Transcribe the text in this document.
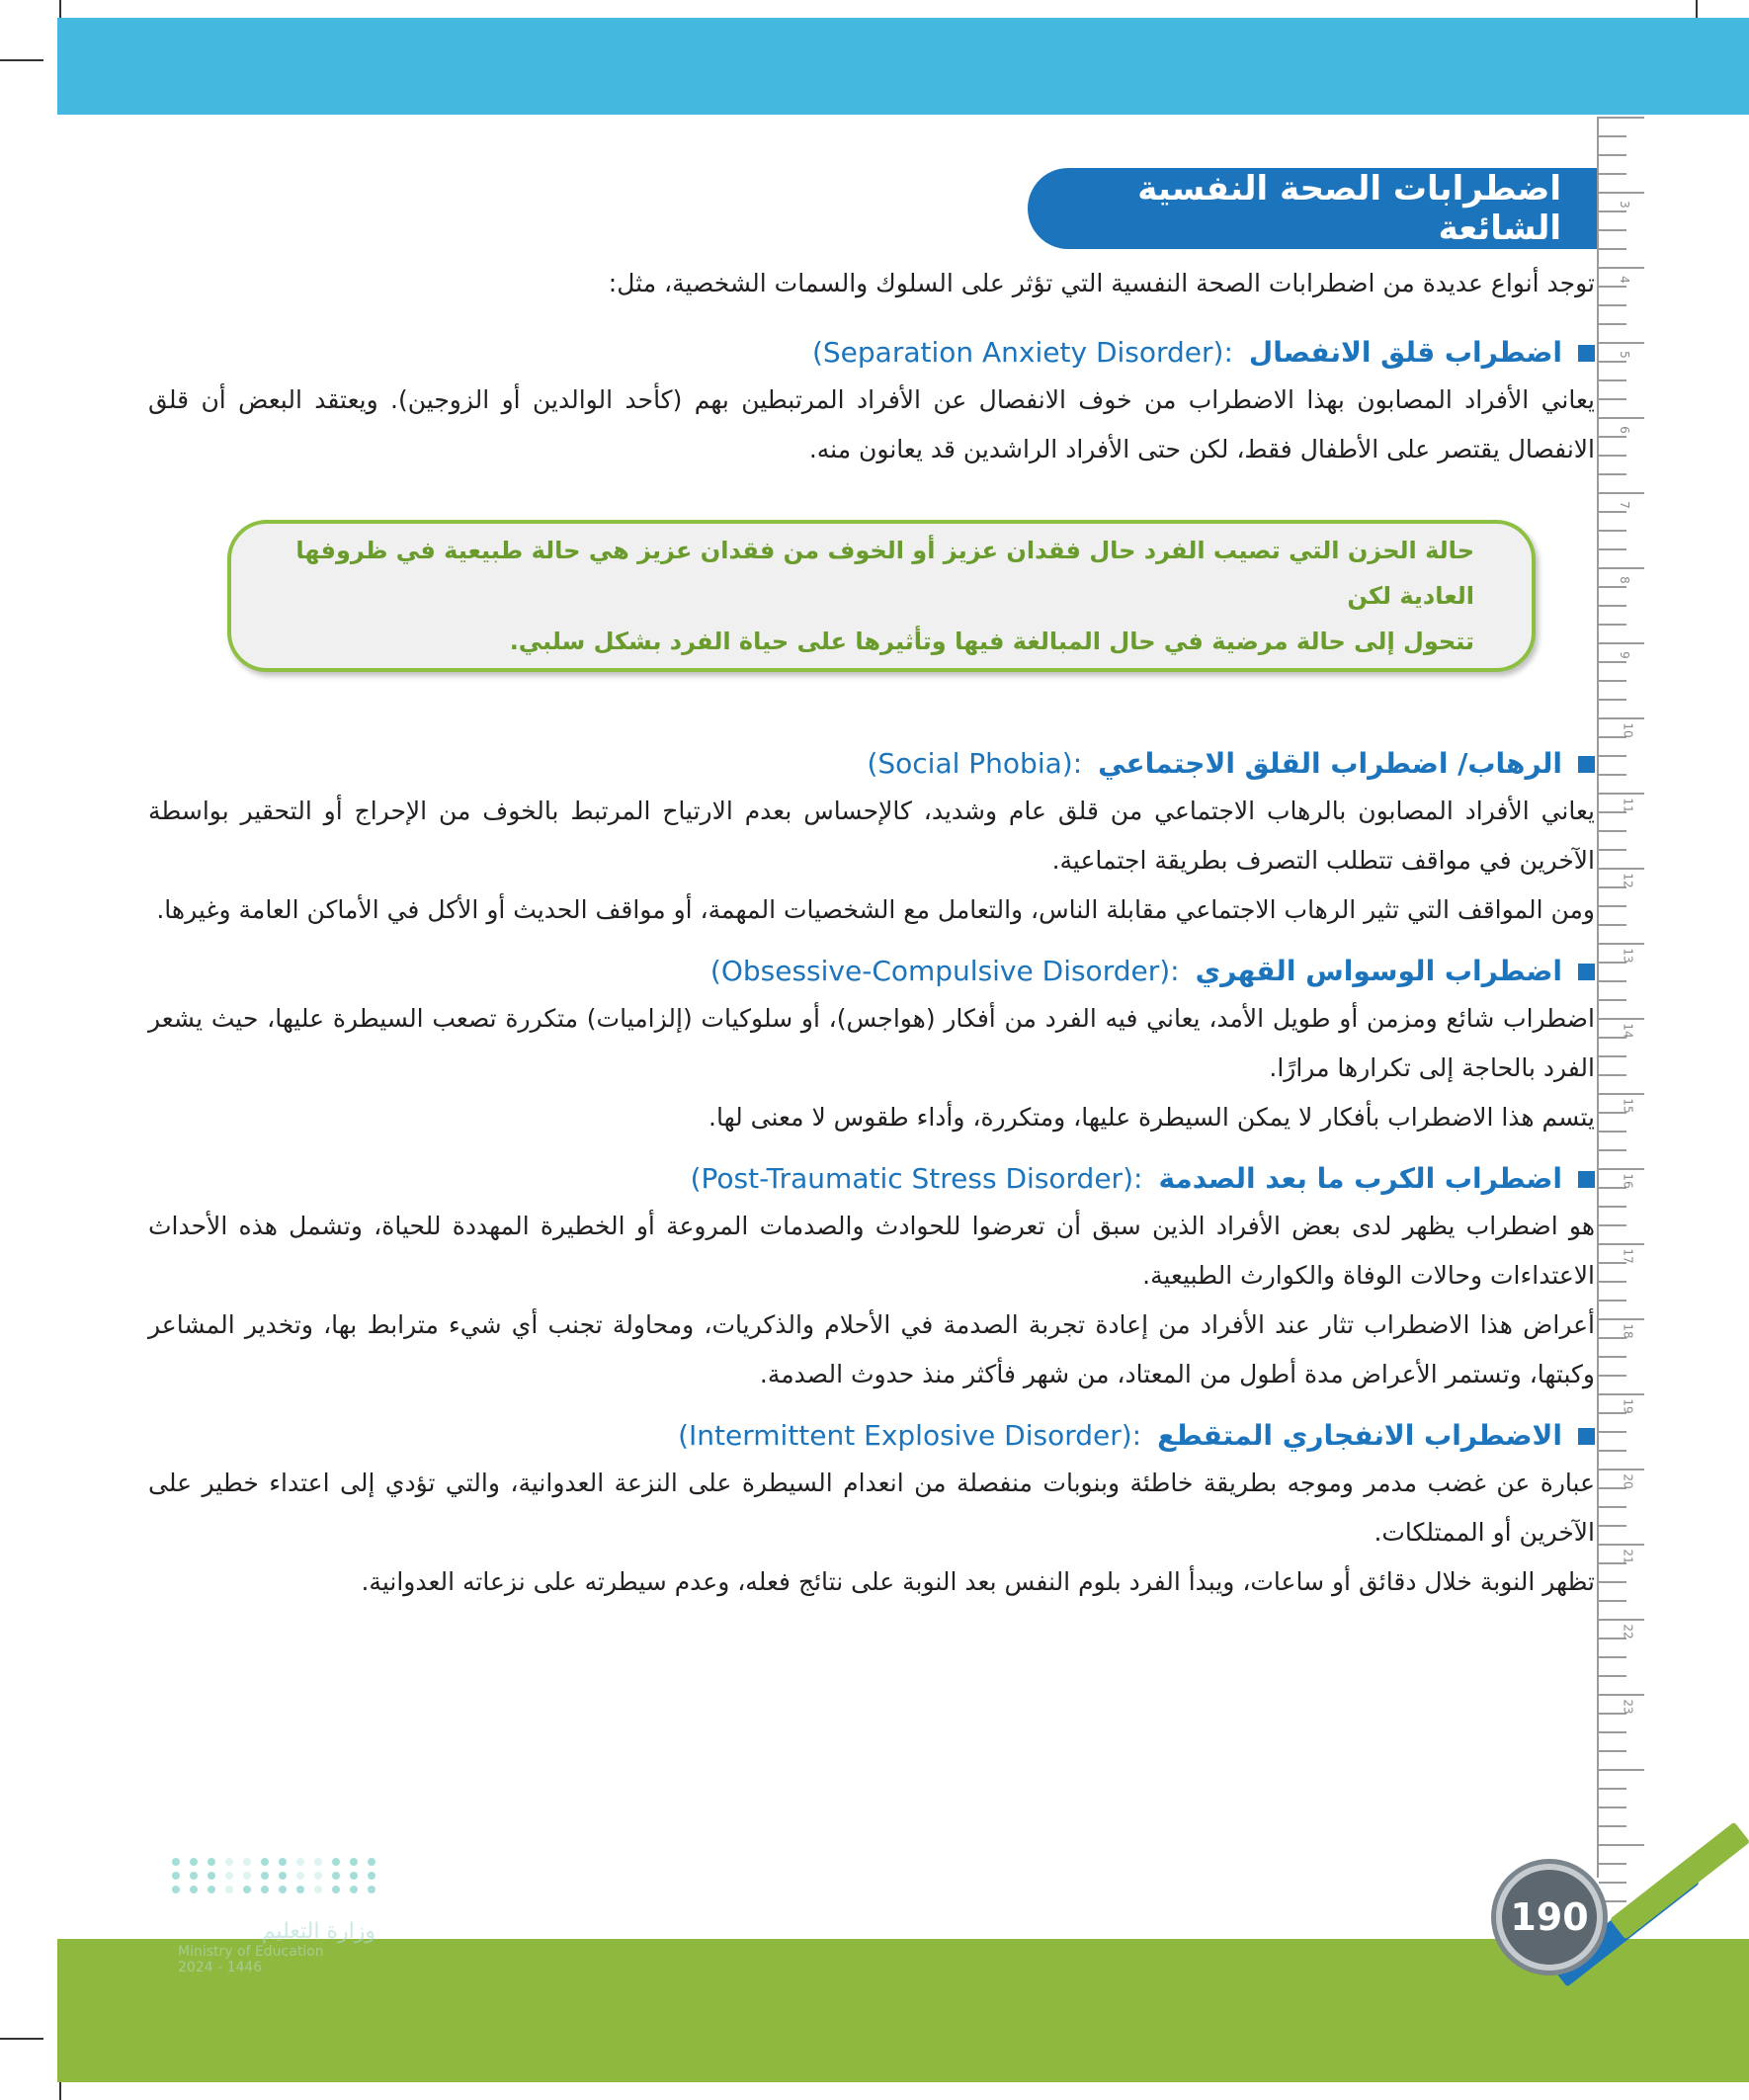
3
4
5
6
7
8
9
10
11
12
13
14
15
16
17
18
19
20
21
22
23
اضطرابات الصحة النفسية الشائعة

توجد أنواع عديدة من اضطرابات الصحة النفسية التي تؤثر على السلوك والسمات الشخصية، مثل:

اضطراب قلق الانفصال
(Separation Anxiety Disorder):

يعاني الأفراد المصابون بهذا الاضطراب من خوف الانفصال عن الأفراد المرتبطين بهم (كأحد الوالدين أو الزوجين). ويعتقد البعض أن قلق الانفصال يقتصر على الأطفال فقط، لكن حتى الأفراد الراشدين قد يعانون منه.

حالة الحزن التي تصيب الفرد حال فقدان عزيز أو الخوف من فقدان عزيز هي حالة طبيعية في ظروفها العادية لكن

تتحول إلى حالة مرضية في حال المبالغة فيها وتأثيرها على حياة الفرد بشكل سلبي.

الرهاب/ اضطراب القلق الاجتماعي
(Social Phobia):

يعاني الأفراد المصابون بالرهاب الاجتماعي من قلق عام وشديد، كالإحساس بعدم الارتياح المرتبط بالخوف من الإحراج أو التحقير بواسطة الآخرين في مواقف تتطلب التصرف بطريقة اجتماعية.

ومن المواقف التي تثير الرهاب الاجتماعي مقابلة الناس، والتعامل مع الشخصيات المهمة، أو مواقف الحديث أو الأكل في الأماكن العامة وغيرها.

اضطراب الوسواس القهري
(Obsessive-Compulsive Disorder):

اضطراب شائع ومزمن أو طويل الأمد، يعاني فيه الفرد من أفكار (هواجس)، أو سلوكيات (إلزاميات) متكررة تصعب السيطرة عليها، حيث يشعر الفرد بالحاجة إلى تكرارها مرارًا.

يتسم هذا الاضطراب بأفكار لا يمكن السيطرة عليها، ومتكررة، وأداء طقوس لا معنى لها.

اضطراب الكرب ما بعد الصدمة
(Post-Traumatic Stress Disorder):

هو اضطراب يظهر لدى بعض الأفراد الذين سبق أن تعرضوا للحوادث والصدمات المروعة أو الخطيرة المهددة للحياة، وتشمل هذه الأحداث الاعتداءات وحالات الوفاة والكوارث الطبيعية.

أعراض هذا الاضطراب تثار عند الأفراد من إعادة تجربة الصدمة في الأحلام والذكريات، ومحاولة تجنب أي شيء مترابط بها، وتخدير المشاعر وكبتها، وتستمر الأعراض مدة أطول من المعتاد، من شهر فأكثر منذ حدوث الصدمة.

الاضطراب الانفجاري المتقطع
(Intermittent Explosive Disorder):

عبارة عن غضب مدمر وموجه بطريقة خاطئة وبنوبات منفصلة من انعدام السيطرة على النزعة العدوانية، والتي تؤدي إلى اعتداء خطير على الآخرين أو الممتلكات.

تظهر النوبة خلال دقائق أو ساعات، ويبدأ الفرد بلوم النفس بعد النوبة على نتائج فعله، وعدم سيطرته على نزعاته العدوانية.

وزارة التعليم
Ministry of Education
2024 - 1446
190
